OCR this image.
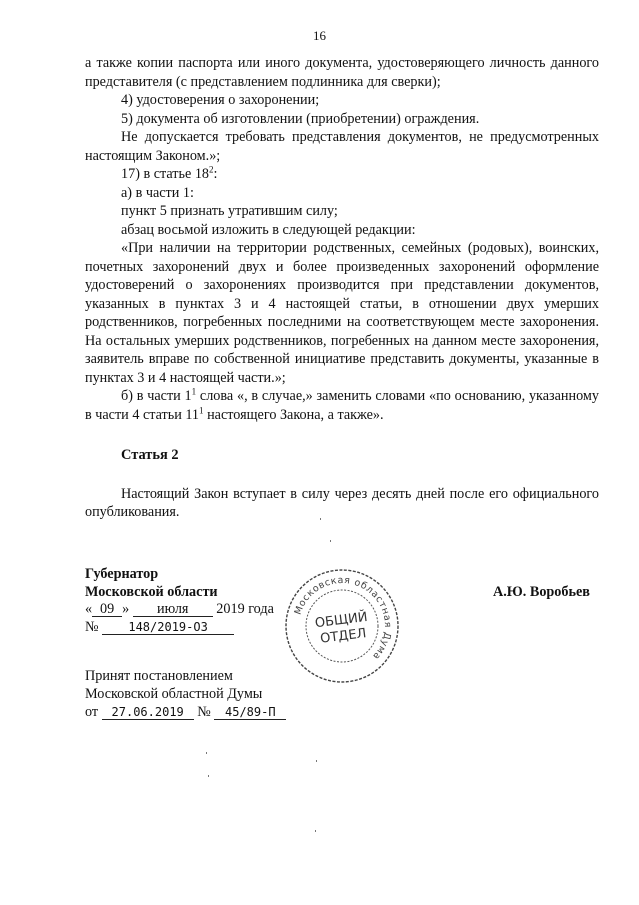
16

а также копии паспорта или иного документа, удостоверяющего личность данного представителя (с представлением подлинника для сверки);

4) удостоверения о захоронении;

5) документа об изготовлении (приобретении) ограждения.

Не допускается требовать представления документов, не предусмотренных настоящим Законом.»;

17) в статье $18^2$:

а) в части 1:

пункт 5 признать утратившим силу;

абзац восьмой изложить в следующей редакции:

«При наличии на территории родственных, семейных (родовых), воинских, почетных захоронений двух и более произведенных захоронений оформление удостоверений о захоронениях производится при представлении документов, указанных в пунктах 3 и 4 настоящей статьи, в отношении двух умерших родственников, погребенных последними на соответствующем месте захоронения. На остальных умерших родственников, погребенных на данном месте захоронения, заявитель вправе по собственной инициативе представить документы, указанные в пунктах 3 и 4 настоящей части.»;

б) в части $1^1$ слова «, в случае,» заменить словами «по основанию, указанному в части 4 статьи $11^1$ настоящего Закона, а также».

Статья 2

Настоящий Закон вступает в силу через десять дней после его официального опубликования.

Губернатор
Московской области	А.Ю. Воробьев
« 09 » июля 2019 года
№ 148/2019-ОЗ
Принят постановлением
Московской областной Думы
от 27.06.2019 № 45/89-П
Московская областная Дума
ОБЩИЙ
ОТДЕЛ
